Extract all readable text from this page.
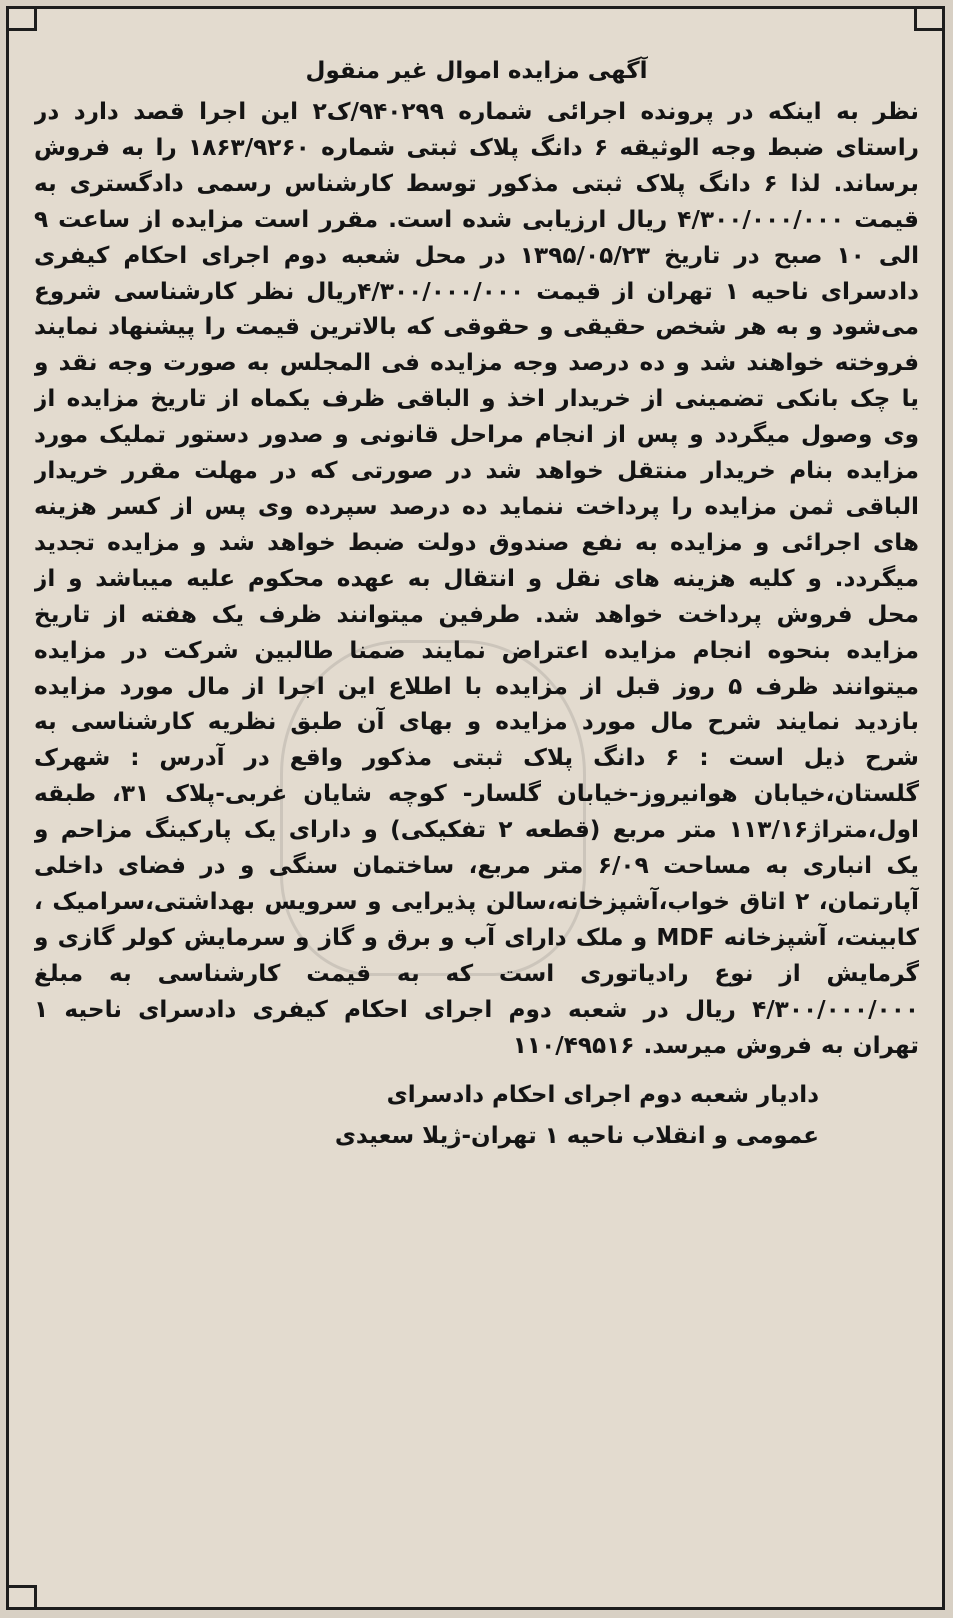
آگهی مزایده اموال غیر منقول

نظر به اینکه در پرونده اجرائی شماره ۹۴۰۲۹۹/ک۲ این اجرا قصد دارد در راستای ضبط وجه الوثیقه ۶ دانگ پلاک ثبتی شماره ۱۸۶۳/۹۲۶۰ را به فروش برساند. لذا ۶ دانگ پلاک ثبتی مذکور توسط کارشناس رسمی دادگستری به قیمت ۴/۳۰۰/۰۰۰/۰۰۰ ریال ارزیابی شده است. مقرر است مزایده از ساعت ۹ الی ۱۰ صبح در تاریخ ۱۳۹۵/۰۵/۲۳ در محل شعبه دوم اجرای احکام کیفری دادسرای ناحیه ۱ تهران از قیمت ۴/۳۰۰/۰۰۰/۰۰۰ریال نظر کارشناسی شروع می‌شود و به هر شخص حقیقی و حقوقی که بالاترین قیمت را پیشنهاد نمایند فروخته خواهند شد و ده درصد وجه مزایده فی المجلس به صورت وجه نقد و یا چک بانکی تضمینی از خریدار اخذ و الباقی ظرف یکماه از تاریخ مزایده از وی وصول میگردد و پس از انجام مراحل قانونی و صدور دستور تملیک مورد مزایده بنام خریدار منتقل خواهد شد در صورتی که در مهلت مقرر خریدار الباقی ثمن مزایده را پرداخت ننماید ده درصد سپرده وی پس از کسر هزینه های اجرائی و مزایده به نفع صندوق دولت ضبط خواهد شد و مزایده تجدید میگردد. و کلیه هزینه های نقل و انتقال به عهده محکوم علیه میباشد و از محل فروش پرداخت خواهد شد. طرفین میتوانند ظرف یک هفته از تاریخ مزایده بنحوه انجام مزایده اعتراض نمایند ضمنا طالبین شرکت در مزایده میتوانند ظرف ۵ روز قبل از مزایده با اطلاع این اجرا از مال مورد مزایده بازدید نمایند شرح مال مورد مزایده و بهای آن طبق نظریه کارشناسی به شرح ذیل است : ۶ دانگ پلاک ثبتی مذکور واقع در آدرس : شهرک گلستان،خیابان هوانیروز-خیابان گلسار- کوچه شایان غربی-پلاک ۳۱، طبقه اول،متراژ۱۱۳/۱۶ متر مربع (قطعه ۲ تفکیکی) و دارای یک پارکینگ مزاحم و یک انباری به مساحت ۶/۰۹ متر مربع، ساختمان سنگی و در فضای داخلی آپارتمان، ۲ اتاق خواب،آشپزخانه،سالن پذیرایی و سرویس بهداشتی،سرامیک ، کابینت، آشپزخانه MDF و ملک دارای آب و برق و گاز و سرمایش کولر گازی و گرمایش از نوع رادیاتوری است که به قیمت کارشناسی به مبلغ ۴/۳۰۰/۰۰۰/۰۰۰ ریال در شعبه دوم اجرای احکام کیفری دادسرای ناحیه ۱ تهران به فروش میرسد. ۱۱۰/۴۹۵۱۶

دادیار شعبه دوم اجرای احکام دادسرای
عمومی و انقلاب ناحیه ۱ تهران-ژیلا سعیدی
